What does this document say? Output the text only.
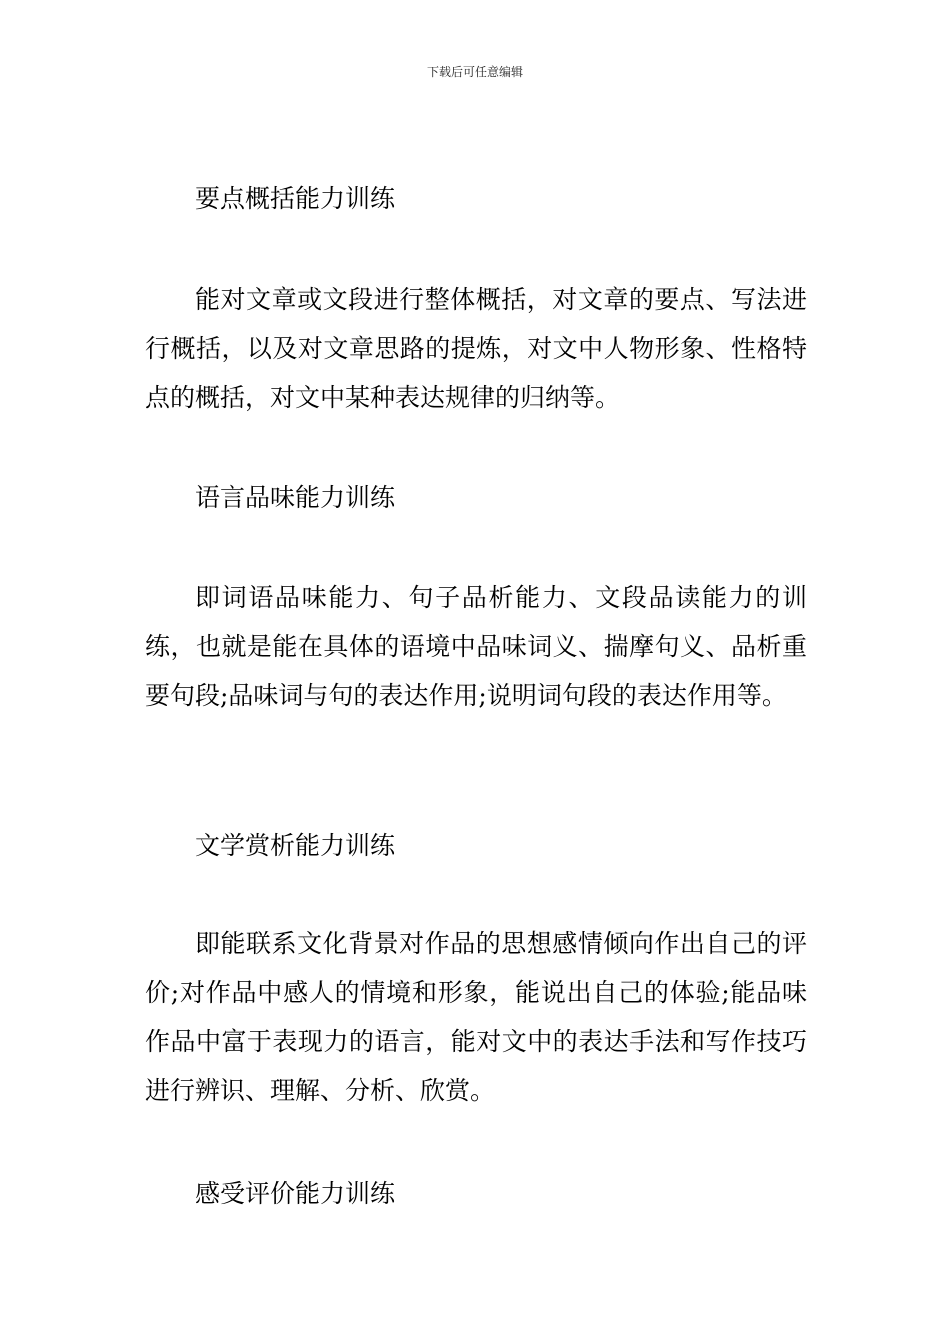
下载后可任意编辑
要点概括能力训练

能对文章或文段进行整体概括，对文章的要点、写法进行概括，以及对文章思路的提炼，对文中人物形象、性格特点的概括，对文中某种表达规律的归纳等。

语言品味能力训练

即词语品味能力、句子品析能力、文段品读能力的训练，也就是能在具体的语境中品味词义、揣摩句义、品析重要句段;品味词与句的表达作用;说明词句段的表达作用等。

文学赏析能力训练

即能联系文化背景对作品的思想感情倾向作出自己的评价;对作品中感人的情境和形象，能说出自己的体验;能品味作品中富于表现力的语言，能对文中的表达手法和写作技巧进行辨识、理解、分析、欣赏。

感受评价能力训练
